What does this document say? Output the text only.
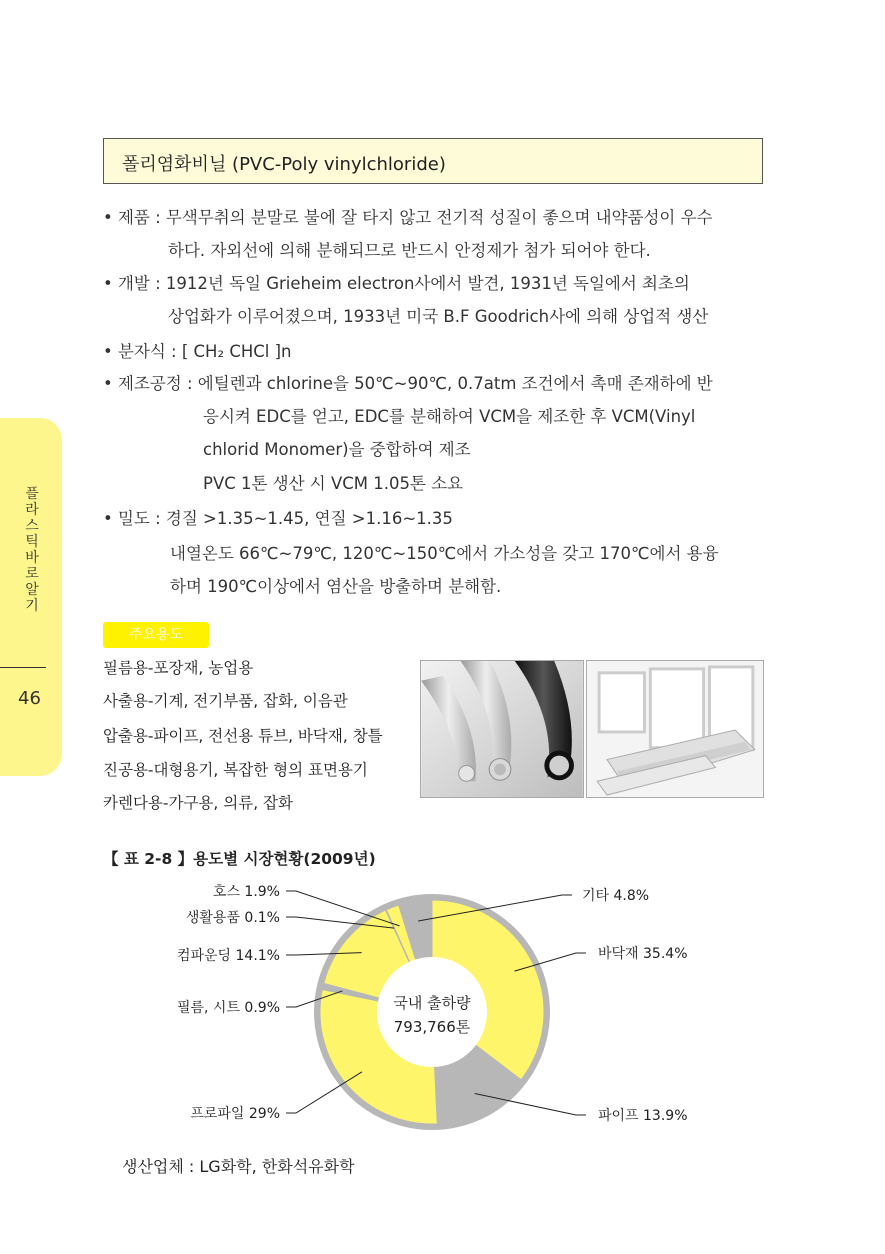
폴리염화비닐 (PVC-Poly vinylchloride)
• 제품 : 무색무취의 분말로 불에 잘 타지 않고 전기적 성질이 좋으며 내약품성이 우수
하다. 자외선에 의해 분해되므로 반드시 안정제가 첨가 되어야 한다.
• 개발 : 1912년 독일 Grieheim electron사에서 발견, 1931년 독일에서 최초의
상업화가 이루어졌으며, 1933년 미국 B.F Goodrich사에 의해 상업적 생산
• 분자식 : [ CH₂ CHCl ]n
• 제조공정 : 에틸렌과 chlorine을 50℃~90℃, 0.7atm 조건에서 촉매 존재하에 반
응시켜 EDC를 얻고, EDC를 분해하여 VCM을 제조한 후 VCM(Vinyl
chlorid Monomer)을 중합하여 제조
PVC 1톤 생산 시 VCM 1.05톤 소요
• 밀도 : 경질 >1.35~1.45, 연질 >1.16~1.35
내열온도 66℃~79℃, 120℃~150℃에서 가소성을 갖고 170℃에서 용융
하며 190℃이상에서 염산을 방출하며 분해함.
플라스틱 바로알기
46
주요용도
필름용-포장재, 농업용
사출용-기계, 전기부품, 잡화, 이음관
압출용-파이프, 전선용 튜브, 바닥재, 창틀
진공용-대형용기, 복잡한 형의 표면용기
카렌다용-가구용, 의류, 잡화
【 표 2-8 】용도별 시장현황(2009년)
국내 출하량
793,766톤
바닥재 35.4%
파이프 13.9%
프로파일 29%
필름, 시트 0.9%
컴파운딩 14.1%
생활용품 0.1%
호스 1.9%	기타 4.8%
생산업체 : LG화학, 한화석유화학
